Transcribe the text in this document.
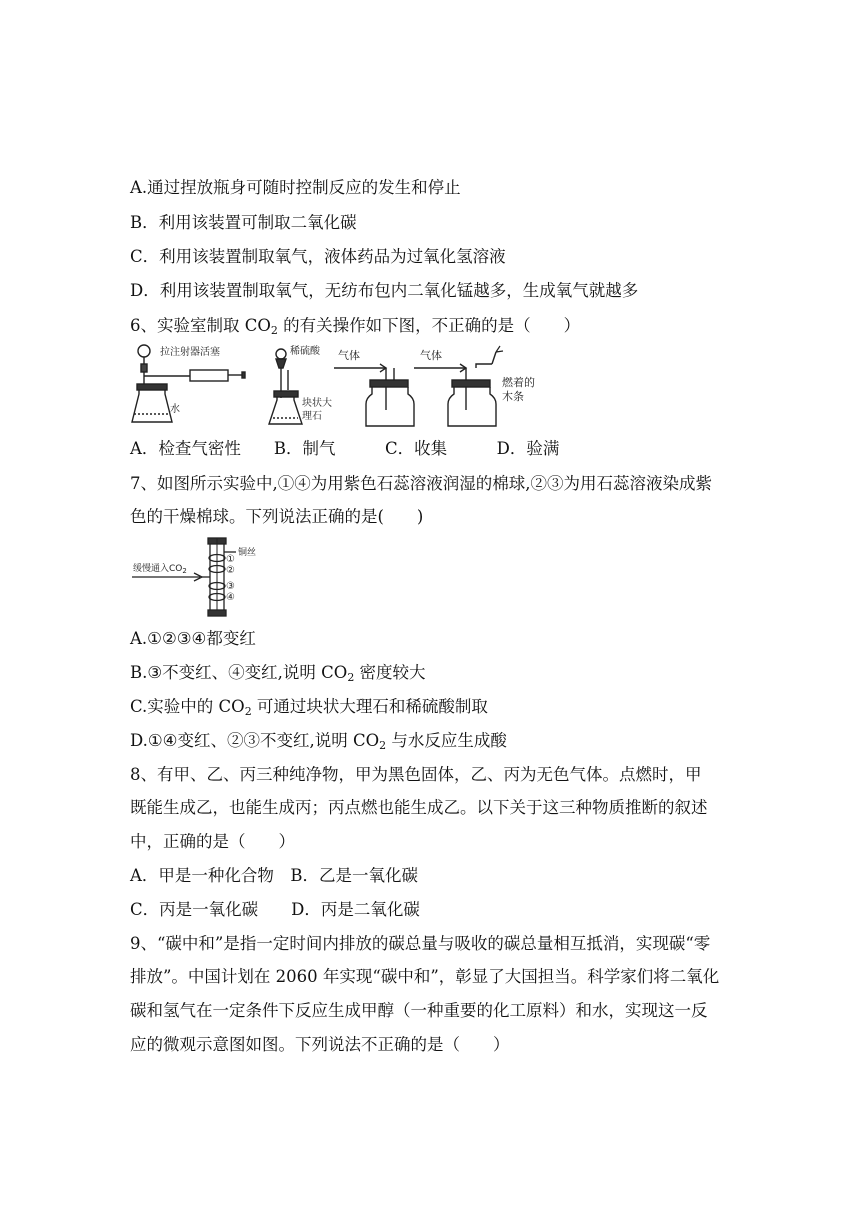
A.通过捏放瓶身可随时控制反应的发生和停止
B．利用该装置可制取二氧化碳
C．利用该装置制取氧气，液体药品为过氧化氢溶液
D．利用该装置制取氧气，无纺布包内二氧化锰越多，生成氧气就越多
6、实验室制取 $CO_2$ 的有关操作如下图，不正确的是（　　）
拉注射器活塞
水
稀硫酸
块状大
理石
气体	气体
燃着的
木条
A．检查气密性　　B．制气　　　C．收集　　　D．验满
7、如图所示实验中,①④为用紫色石蕊溶液润湿的棉球,②③为用石蕊溶液染成紫
色的干燥棉球。下列说法正确的是(　　)
缓慢通入$CO_2$
铜丝
①
②
③
④
A.①②③④都变红
B.③不变红、④变红,说明 $CO_2$ 密度较大
C.实验中的 $CO_2$ 可通过块状大理石和稀硫酸制取
D.①④变红、②③不变红,说明 $CO_2$ 与水反应生成酸
8、有甲、乙、丙三种纯净物，甲为黑色固体，乙、丙为无色气体。点燃时，甲
既能生成乙，也能生成丙；丙点燃也能生成乙。以下关于这三种物质推断的叙述
中，正确的是（　　）
A．甲是一种化合物　B．乙是一氧化碳
C．丙是一氧化碳　　D．丙是二氧化碳
9、“碳中和”是指一定时间内排放的碳总量与吸收的碳总量相互抵消，实现碳“零
排放”。中国计划在 2060 年实现“碳中和”，彰显了大国担当。科学家们将二氧化
碳和氢气在一定条件下反应生成甲醇（一种重要的化工原料）和水，实现这一反
应的微观示意图如图。下列说法不正确的是（　　）
